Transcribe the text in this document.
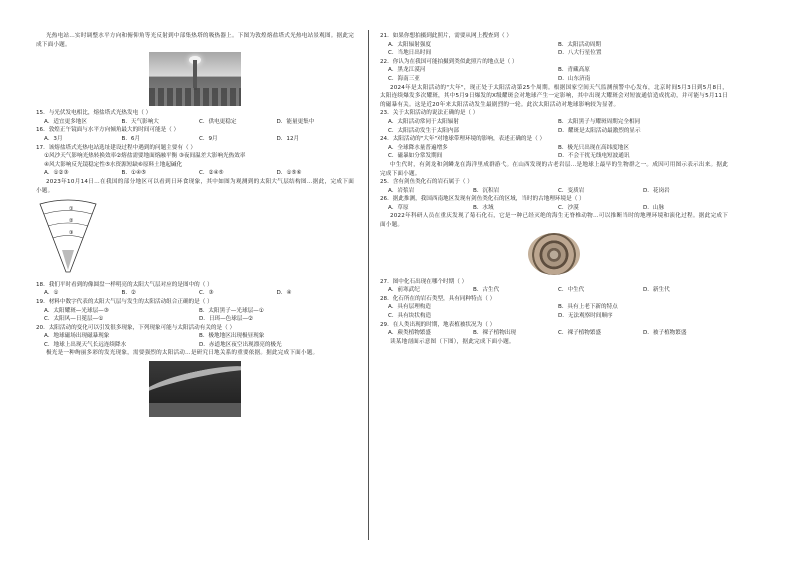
光热电站…实时调整水平方向和俯仰角等光反射到中部集热塔的吸热器上。下图为敦煌熔盐塔式光热电站景观图。据此完成下面小题。

15．与光伏发电相比，熔盐塔式光热发电（ ）

A．适宜更多地区	B．天气影响大	C．供电更稳定	D．能量更集中

16．敦煌正午镜面与水平方向倾角最大的时间可能是（ ）

A．3月	B．6月	C．9月	D．12月

17．该熔盐塔式光热电站选址建设过程中遇到的问题主要有（ ）

①风沙天气影响光热转换效率②熔盐需要地面熔融平衡 ③夜间温差大影响光热效率

④风大影响反光镜稳定性⑤水资源短缺⑥原料土地起碱化

A．①②③	B．①④⑤	C．②④⑤	D．①⑤⑥

2023年10月14日…在我国的部分地区可以看到日环食现象，其中如图为观测到的太阳大气层结构图…据此，完成下面小题。

①
②
③

18．我们平时看到的像圆盘一样明亮的太阳大气层对应的是图中的（ ）

A．①	B．②	C．③	D．④

19．材料中数字代表的太阳大气层与发生的太阳活动组合正确的是（ ）

A．太阳耀斑—光球层—③	B．太阳黑子—光球层—①
C．太阳风—日冕层—①	D．日珥—色球层—②

20．太阳活动的变化可以引发很多现象，下列现象可能与太阳活动有关的是（ ）

A．地球磁场出现磁暴现象	B．极地地区出现极昼现象
C．地球上出现天气长远连续降水	D．赤道地区夜空出现漂亮的极光

极光是一种绚丽多彩的发光现象，需要强烈的太阳活动…是研究日地关系的重要依据。据此完成下面小题。

21．如果你想拍摄到此照片，需要从网上搜查到（ ）

A．太阳辐射强度	B．太阳活动周期
C．当地日出时间	D．八大行星位置

22．你认为在我国可能拍摄到类似此照片的地点是（ ）

A．黑龙江漠河	B．青藏高原
C．海南三亚	D．山东济南

2024年是太阳活动的"大年"，现正处于太阳活动第25个周期。根据国家空间天气监测预警中心发布，北京时间5月3日到5月8日，太阳连续爆发多次耀斑，其中5月9日爆发的X级耀斑会对地球产生一定影响，其中出现大耀斑会对短波通信造成扰动，并可能与5月11日的磁暴有关。这是近20年来太阳活动发生最剧烈的一轮。此次太阳活动对地球影响较为显著。

23．关于太阳活动的说法正确的是（ ）

A．太阳活动常同于太阳辐射	B．太阳黑子与耀斑周期完全相同
C．太阳活动发生于太阳内部	D．耀斑是太阳活动最激烈的显示

24．太阳活动的"大年"对地球带理环境的影响，表述正确的是（ ）

A．全球降水量普遍增多	B．极光只出现在高纬度地区
C．磁暴如分常发期间	D．不会干扰无线电短波通讯

中生代时，有剑龙和剑鳞龙在海洋里成群游弋。在山西发现的古老岩层…是地球上最早的生物群之一。成因可用图示表示出来。据此完成下面小题。

25．含有剑鱼类化石的岩石属于（ ）

A．岩浆岩	B．沉积岩	C．变质岩	D．花岗岩

26．据此推测，我国西南地区发现有剑鱼类化石的区域，当时的古地理环境是（ ）

A．草原	B．水域	C．沙漠	D．山脉

2022年科研人员在重庆发现了菊石化石，它是一种已经灭绝的海生无脊椎动物…可以推断当时的地理环境和演化过程。据此完成下面小题。

27．图中化石出现在哪个时期（ ）

A．前寒武纪	B．古生代	C．中生代	D．新生代

28．化石所在的岩石类型，具有同种特点（ ）

A．具有层理构造	B．具有上老下新的特点
C．具有块状构造	D．无法观察时间顺序

29．在人类出现的时期，地表植被状况为（ ）

A．蕨类植物繁盛	B．裸子植物出现	C．裸子植物繁盛	D．被子植物繁盛

读某地剖面示意图（下图），据此完成下面小题。
